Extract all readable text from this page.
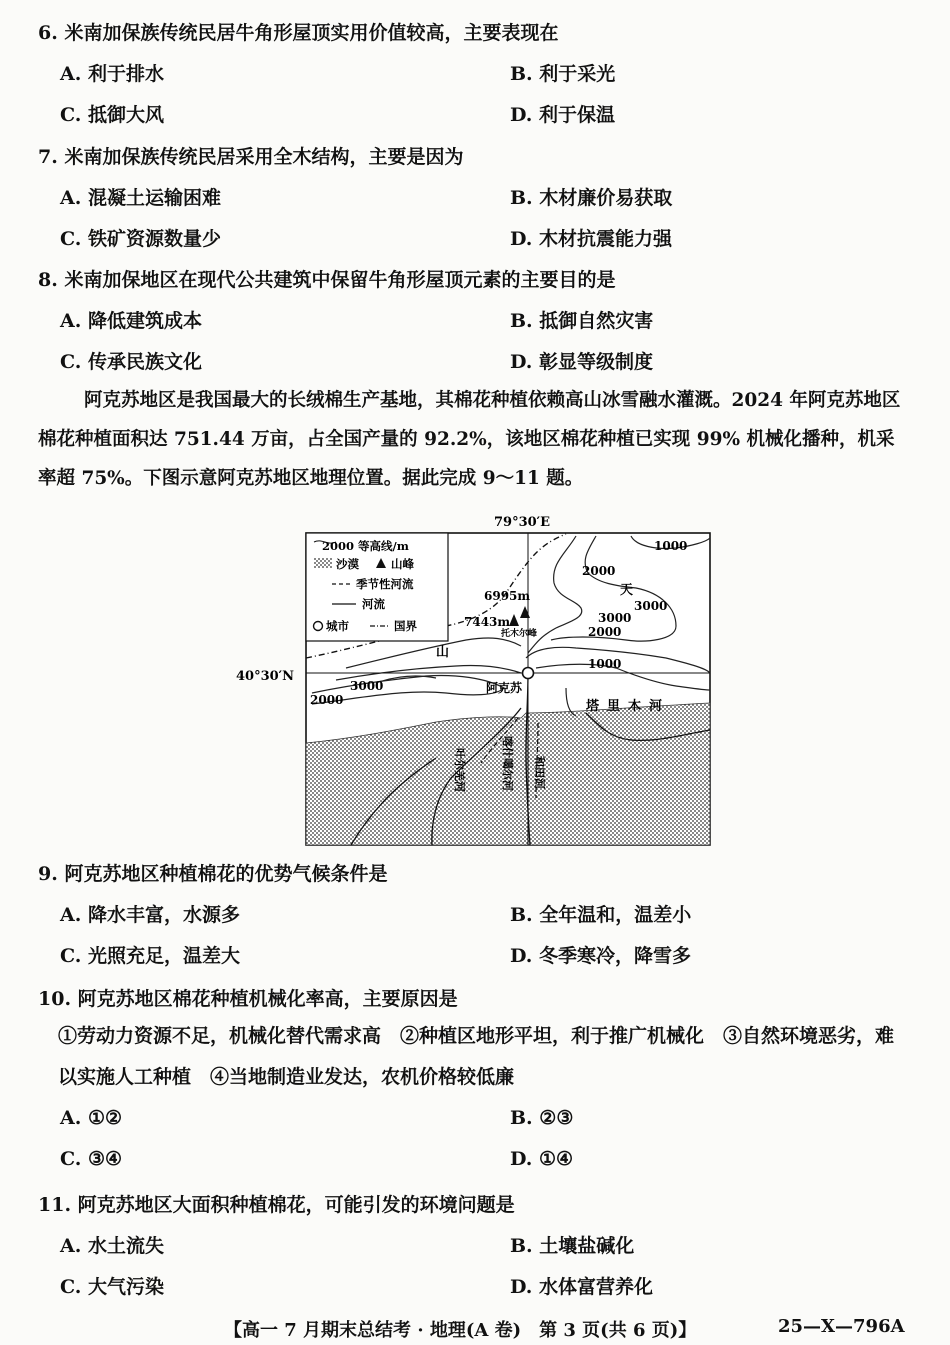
6. 米南加保族传统民居牛角形屋顶实用价值较高，主要表现在
A. 利于排水	B. 利于采光
C. 抵御大风	D. 利于保温
7. 米南加保族传统民居采用全木结构，主要是因为
A. 混凝土运输困难	B. 木材廉价易获取
C. 铁矿资源数量少	D. 木材抗震能力强
8. 米南加保地区在现代公共建筑中保留牛角形屋顶元素的主要目的是
A. 降低建筑成本	B. 抵御自然灾害
C. 传承民族文化	D. 彰显等级制度
阿克苏地区是我国最大的长绒棉生产基地，其棉花种植依赖高山冰雪融水灌溉。2024 年阿克苏地区棉花种植面积达 751.44 万亩，占全国产量的 92.2%，该地区棉花种植已实现 99% 机械化播种，机采率超 75%。下图示意阿克苏地区地理位置。据此完成 9～11 题。
79°30′E
40°30′N
2000 等高线/m
沙漠	山峰
季节性河流
河流
城市	国界
1000
2000
3000
3000
2000
1000
3000
2000
6995m
7443m
托木尔峰
天
山
阿克苏
塔里木河
喀什噶尔河 和田河
叶尔羌河
9. 阿克苏地区种植棉花的优势气候条件是
A. 降水丰富，水源多	B. 全年温和，温差小
C. 光照充足，温差大	D. 冬季寒冷，降雪多
10. 阿克苏地区棉花种植机械化率高，主要原因是
①劳动力资源不足，机械化替代需求高　②种植区地形平坦，利于推广机械化　③自然环境恶劣，难以实施人工种植　④当地制造业发达，农机价格较低廉
A. ①②	B. ②③
C. ③④	D. ①④
11. 阿克苏地区大面积种植棉花，可能引发的环境问题是
A. 水土流失	B. 土壤盐碱化
C. 大气污染	D. 水体富营养化
【高一 7 月期末总结考 · 地理(A 卷)　第 3 页(共 6 页)】	25—X—796A
